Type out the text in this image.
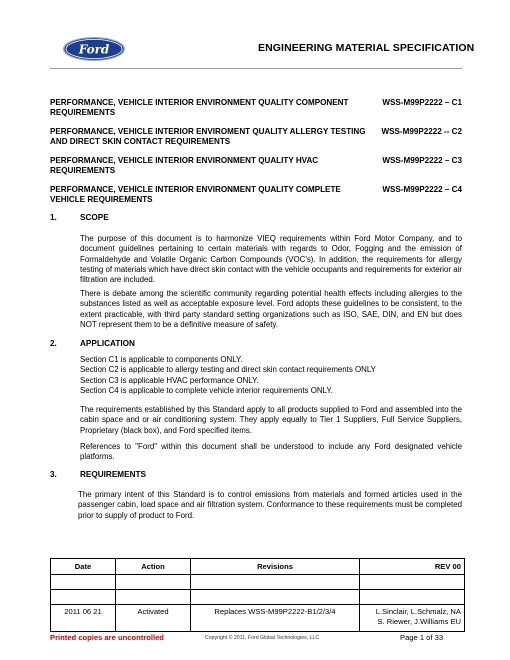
Ford	ENGINEERING MATERIAL SPECIFICATION
PERFORMANCE, VEHICLE INTERIOR ENVIRONMENT QUALITY COMPONENT REQUIREMENTS
WSS-M99P2222 – C1
PERFORMANCE, VEHICLE INTERIOR ENVIROMENT QUALITY ALLERGY TESTING AND DIRECT SKIN CONTACT REQUIREMENTS
WSS-M99P2222 -- C2
PERFORMANCE, VEHICLE INTERIOR ENVIRONMENT QUALITY HVAC REQUIREMENTS
WSS-M99P2222 – C3
PERFORMANCE, VEHICLE INTERIOR ENVIRONMENT QUALITY COMPLETE VEHICLE REQUIREMENTS
WSS-M99P2222 – C4
1.	SCOPE
The purpose of this document is to harmonize VIEQ requirements within Ford Motor Company, and to document guidelines pertaining to certain materials with regards to Odor, Fogging and the emission of Formaldehyde and Volatile Organic Carbon Compounds (VOC's). In addition, the requirements for allergy testing of materials which have direct skin contact with the vehicle occupants and requirements for exterior air filtration are included.
There is debate among the scientific community regarding potential health effects including allergies to the substances listed as well as acceptable exposure level. Ford adopts these guidelines to be consistent, to the extent practicable, with third party standard setting organizations such as ISO, SAE, DIN, and EN but does NOT represent them to be a definitive measure of safety.
2.	APPLICATION
Section C1 is applicable to components ONLY.
Section C2 is applicable to allergy testing and direct skin contact requirements ONLY
Section C3 is applicable HVAC performance ONLY.
Section C4 is applicable to complete vehicle interior requirements ONLY.
The requirements established by this Standard apply to all products supplied to Ford and assembled into the cabin space and or air conditioning system. They apply equally to Tier 1 Suppliers, Full Service Suppliers, Proprietary (black box), and Ford specified items.
References to "Ford" within this document shall be understood to include any Ford designated vehicle platforms.
3.	REQUIREMENTS
The primary intent of this Standard is to control emissions from materials and formed articles used in the passenger cabin, load space and air filtration system. Conformance to these requirements must be completed prior to supply of product to Ford.
Date	Action	Revisions	REV 00

2011 06 21	Activated	Replaces WSS-M99P2222-B1/2/3/4	L.Sinclair, L.Schmalz, NA
S. Riewer, J.Williams EU
Printed copies are uncontrolled	Copyright © 2011, Ford Global Technologies, LLC	Page 1 of 33
